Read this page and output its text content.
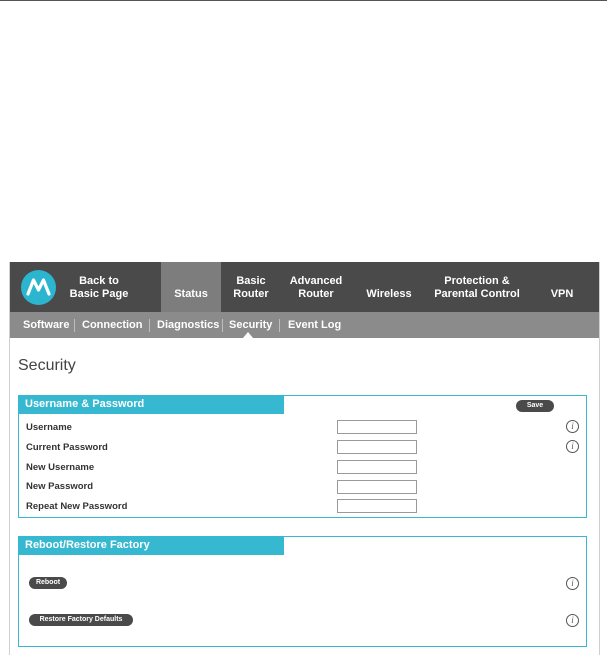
Back to
Basic Page	Status
Basic
Router
Advanced
Router	Wireless
Protection &
Parental Control	VPN
Software Connection Diagnostics Security Event Log
Security
Username & Password	Save
Username	i
Current Password	i
New Username
New Password
Repeat New Password
Reboot/Restore Factory
Reboot	i
Restore Factory Defaults	i
